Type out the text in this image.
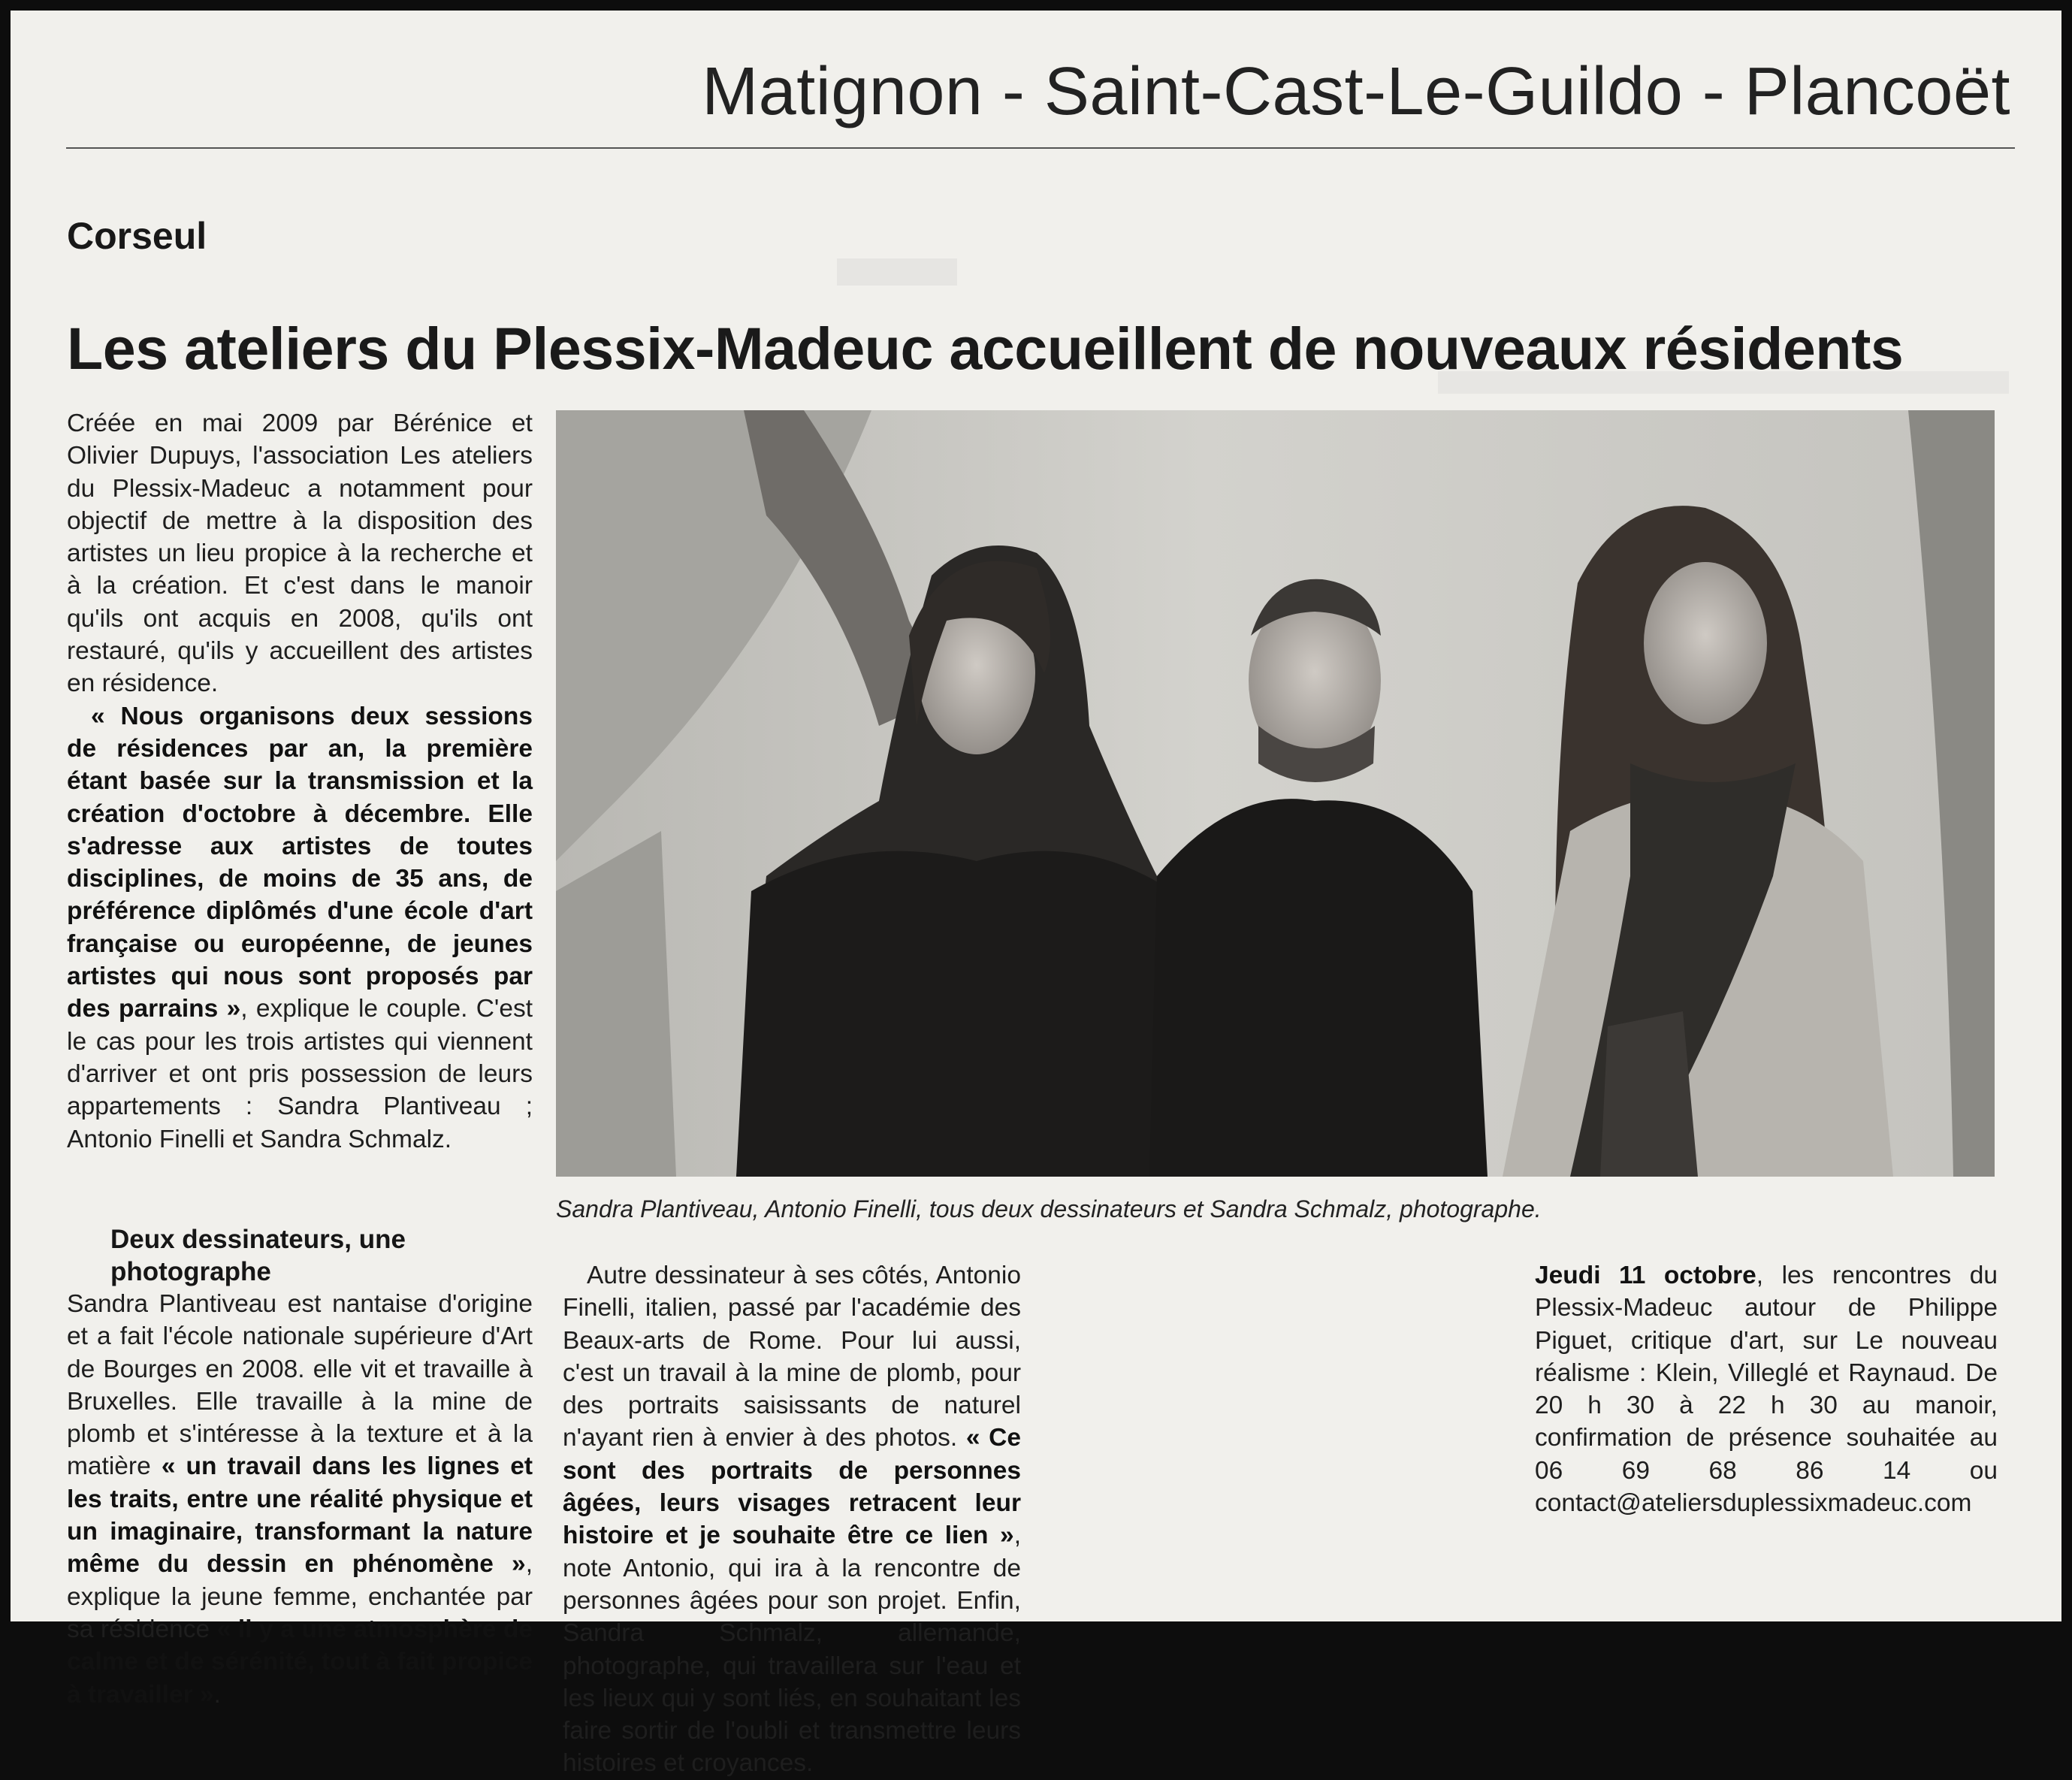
Matignon - Saint-Cast-Le-Guildo - Plancoët
Corseul
Les ateliers du Plessix-Madeuc accueillent de nouveaux résidents

Créée en mai 2009 par Bérénice et Olivier Dupuys, l'association Les ateliers du Plessix-Madeuc a notamment pour objectif de mettre à la disposition des artistes un lieu propice à la recherche et à la création. Et c'est dans le manoir qu'ils ont acquis en 2008, qu'ils ont restauré, qu'ils y accueillent des artistes en résidence.

« Nous organisons deux sessions de résidences par an, la première étant basée sur la transmission et la création d'octobre à décembre. Elle s'adresse aux artistes de toutes disciplines, de moins de 35 ans, de préférence diplômés d'une école d'art française ou européenne, de jeunes artistes qui nous sont proposés par des parrains », explique le couple. C'est le cas pour les trois artistes qui viennent d'arriver et ont pris possession de leurs appartements : Sandra Plantiveau ; Antonio Finelli et Sandra Schmalz.

Deux dessinateurs, une photographe

Sandra Plantiveau est nantaise d'origine et a fait l'école nationale supérieure d'Art de Bourges en 2008. elle vit et travaille à Bruxelles. Elle travaille à la mine de plomb et s'intéresse à la texture et à la matière « un travail dans les lignes et les traits, entre une réalité physique et un imaginaire, transformant la nature même du dessin en phénomène », explique la jeune femme, enchantée par sa résidence « il y a une atmosphère de calme et de sérénité, tout à fait propice à travailler ».

Sandra Plantiveau, Antonio Finelli, tous deux dessinateurs et Sandra Schmalz, photographe.

Autre dessinateur à ses côtés, Antonio Finelli, italien, passé par l'académie des Beaux-arts de Rome. Pour lui aussi, c'est un travail à la mine de plomb, pour des portraits saisissants de naturel n'ayant rien à envier à des photos. « Ce sont des portraits de personnes âgées, leurs visages retracent leur histoire et je souhaite être ce lien », note Antonio, qui ira à la rencontre de personnes âgées pour son projet. Enfin, Sandra Schmalz, allemande, photographe, qui travaillera sur l'eau et les lieux qui y sont liés, en souhaitant les faire sortir de l'oubli et transmettre leurs histoires et croyances.

Jeudi 11 octobre, les rencontres du Plessix-Madeuc autour de Philippe Piguet, critique d'art, sur Le nouveau réalisme : Klein, Villeglé et Raynaud. De 20 h 30 à 22 h 30 au manoir, confirmation de présence souhaitée au 06 69 68 86 14 ou contact@ateliersduplessixmadeuc.com
